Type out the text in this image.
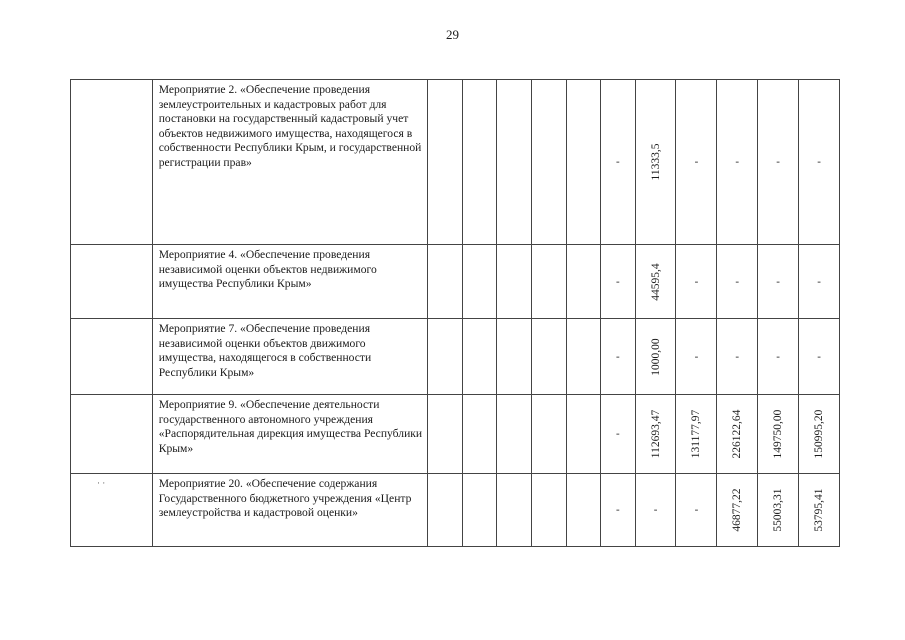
29

	Мероприятие 2. «Обеспечение проведения землеустроительных и кадастровых работ для постановки на государственный кадастровый учет объектов недвижимого имущества, находящегося в собственности Республики Крым, и государственной регистрации прав»						-	11333,5	-	-	-	-

	Мероприятие 4. «Обеспечение проведения независимой оценки объектов недвижимого имущества Республики Крым»						-	44595,4	-	-	-	-

	Мероприятие 7. «Обеспечение проведения независимой оценки объектов движимого имущества, находящегося в собственности Республики Крым»						-	1000,00	-	-	-	-

	Мероприятие 9. «Обеспечение деятельности государственного автономного учреждения «Распорядительная дирекция имущества Республики Крым»						-	112693,47	131177,97	226122,64	149750,00	150995,20

· ·	Мероприятие 20. «Обеспечение содержания Государственного бюджетного учреждения «Центр землеустройства и кадастровой оценки»						-	-	-	46877,22	55003,31	53795,41
